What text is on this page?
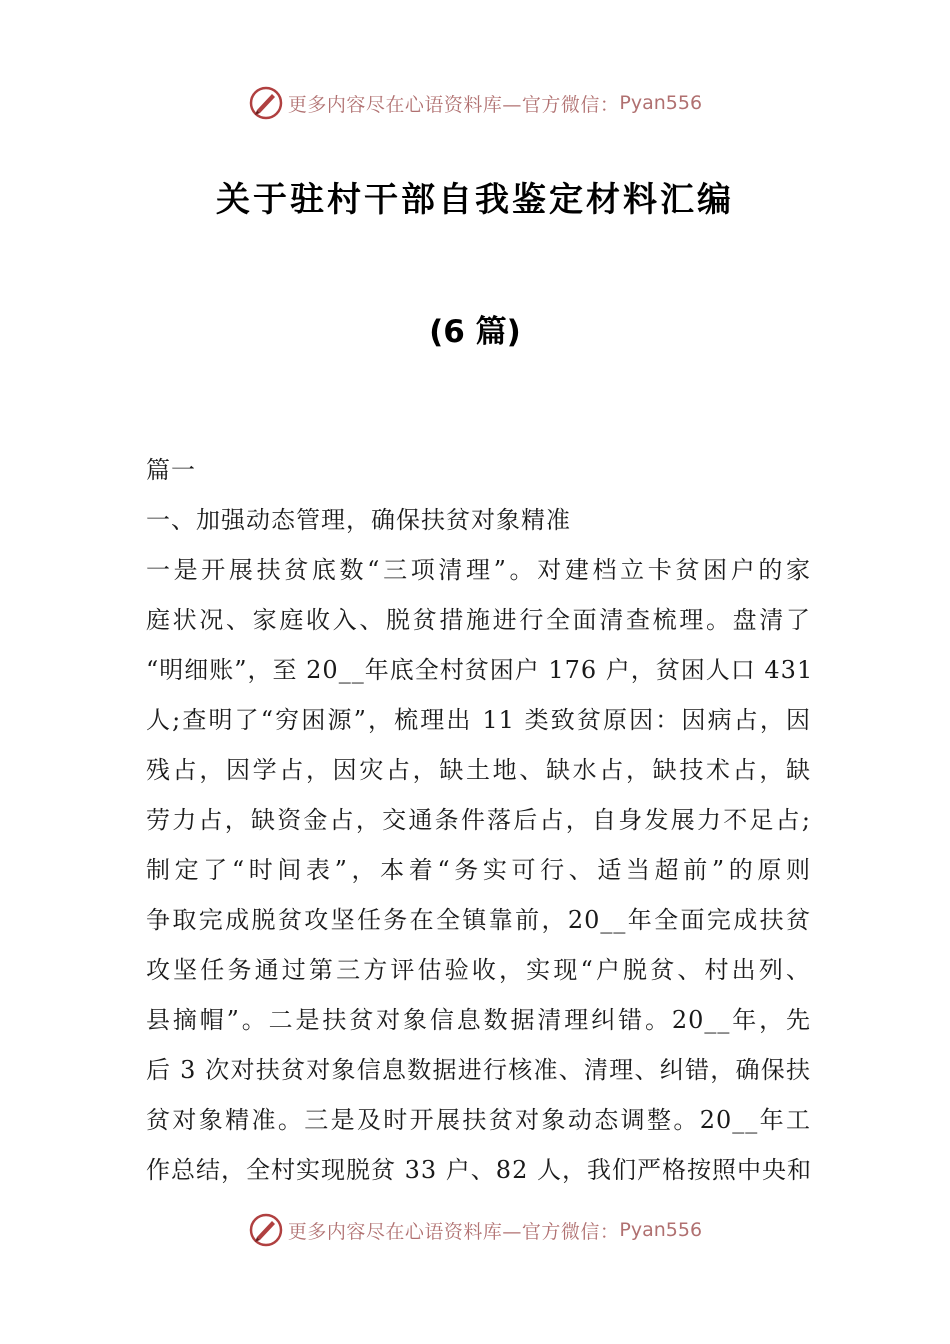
更多内容尽在心语资料库—官方微信： Pyan556
关于驻村干部自我鉴定材料汇编
(6 篇)
篇一
一、加强动态管理，确保扶贫对象精准
一是开展扶贫底数“三项清理”。对建档立卡贫困户的家
庭状况、家庭收入、脱贫措施进行全面清查梳理。盘清了
“明细账”，至 20__年底全村贫困户 176 户，贫困人口 431
人;查明了“穷困源”，梳理出 11 类致贫原因：因病占，因
残占，因学占，因灾占，缺土地、缺水占，缺技术占，缺
劳力占，缺资金占，交通条件落后占，自身发展力不足占;
制定了“时间表”，本着“务实可行、适当超前”的原则
争取完成脱贫攻坚任务在全镇靠前，20__年全面完成扶贫
攻坚任务通过第三方评估验收，实现“户脱贫、村出列、
县摘帽”。二是扶贫对象信息数据清理纠错。20__年，先
后 3 次对扶贫对象信息数据进行核准、清理、纠错，确保扶
贫对象精准。三是及时开展扶贫对象动态调整。20__年工
作总结，全村实现脱贫 33 户、82 人，我们严格按照中央和
更多内容尽在心语资料库—官方微信： Pyan556
